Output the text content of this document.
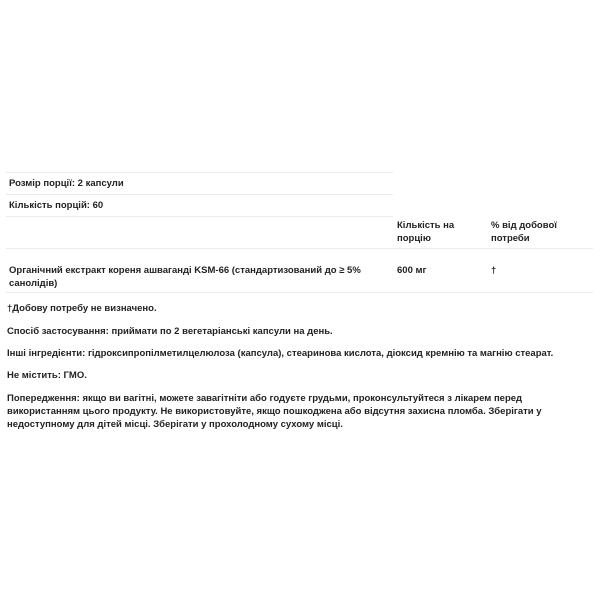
Розмір порції: 2 капсули
Кількість порцій: 60
Кількість на порцію
% від добової потреби
Органічний екстракт кореня ашваганді KSM-66 (стандартизований до ≥ 5% санолідів)
600 мг	†
†Добову потребу не визначено.
Спосіб застосування: приймати по 2 вегетаріанські капсули на день.
Інші інгредієнти: гідроксипропілметилцелюлоза (капсула), стеаринова кислота, діоксид кремнію та магнію стеарат.
Не містить: ГМО.
Попередження: якщо ви вагітні, можете завагітніти або годуєте грудьми, проконсультуйтеся з лікарем перед використанням цього продукту. Не використовуйте, якщо пошкоджена або відсутня захисна пломба. Зберігати у недоступному для дітей місці. Зберігати у прохолодному сухому місці.
